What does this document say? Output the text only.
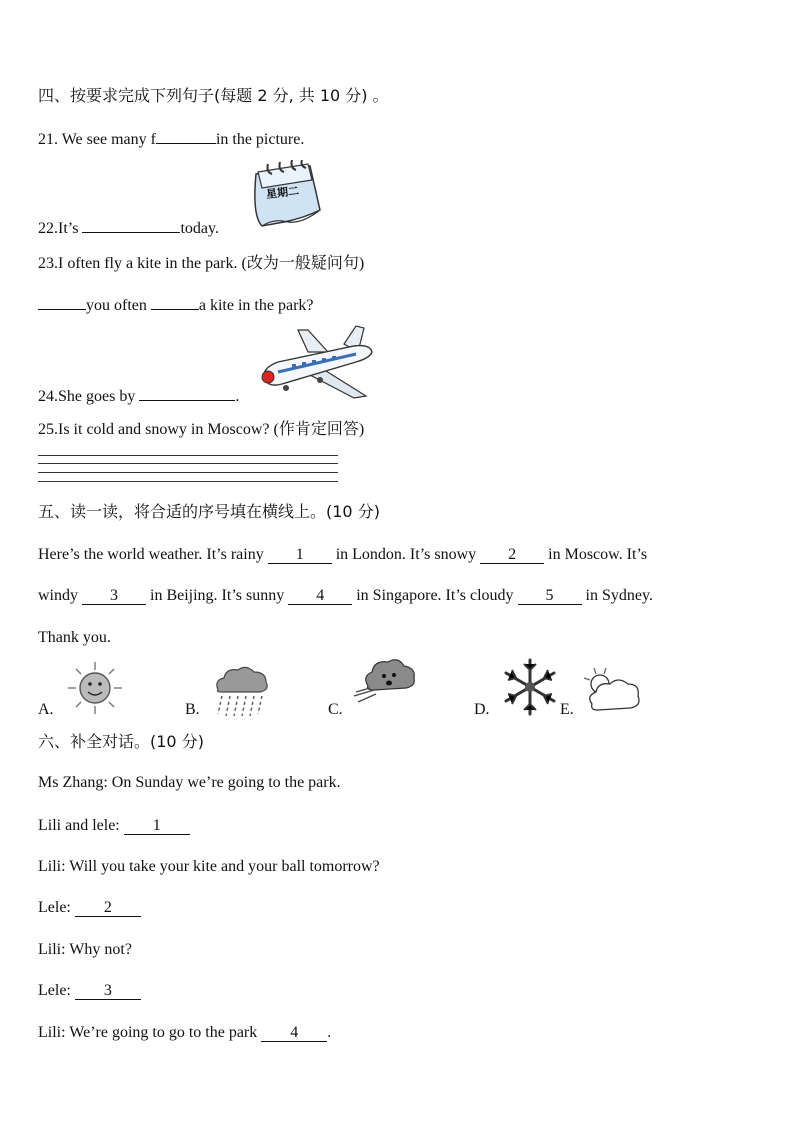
四、按要求完成下列句子(每题 2 分, 共 10 分) 。
21. We see many f	in the picture.
22.It’s	today.
星期二
23.I often fly a kite in the park. (改为一般疑问句)
you often	a kite in the park?
24.She goes by	.
25.Is it cold and snowy in Moscow? (作肯定回答)
五、读一读，将合适的序号填在横线上。(10 分)
Here’s the world weather. It’s rainy 1 in London. It’s snowy 2 in Moscow. It’s
windy 3 in Beijing. It’s sunny 4 in Singapore. It’s cloudy 5 in Sydney.
Thank you.
A.	B.	C.	D.	E.
六、补全对话。(10 分)
Ms Zhang: On Sunday we’re going to the park.
Lili and lele: 1
Lili: Will you take your kite and your ball tomorrow?
Lele: 2
Lili: Why not?
Lele: 3
Lili: We’re going to go to the park 4 .
